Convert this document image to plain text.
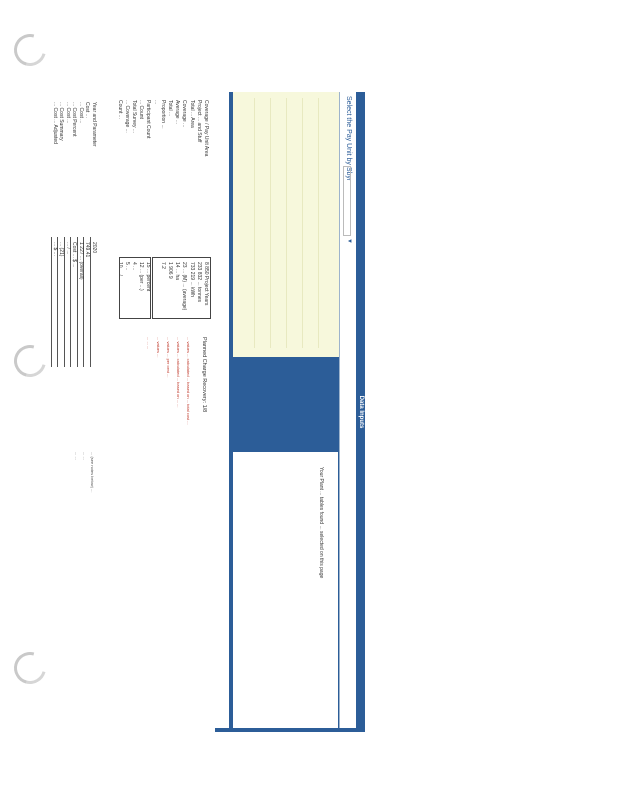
Data Inputs
Select the Pay Unit by Sbyr
▼
Your Plant ... tables found ... selected on this page
Planned Charge Recovery: 1/8
Coverage / Pay Unit Area
8 850 Project Years
Project ... and Stuff
233 832 ... tonnes
Total ... Area
733 219 ... kWh
Coverage ...
23 ... (M) ... (average)
Average ...
14 ... ha
Total ...
1 906 9
Proportion ...
7.2
...
Participant Count
15 ... percent
... Count
12 ... (per ...)
Total Survey ...
4 ...
... Coverage ...
5 ...
Count ...
10 ... / ...
Year and Parameter
2020
Cost ...
749.41
... Cost ...
1 227 ... (overall)
... Cost Percent
Cost ... $ ...
... Cost ...
... / ...
... Cost Summary
... (21)
... Cost ... Adjusted
... $ ...
... values ... calculated ... based on ... total cost ...
... values ... calculated ... based on ... ...
... values ... per cent ...
... values ...
... ... ...
... (see notes below) ...
... ...
... ...
